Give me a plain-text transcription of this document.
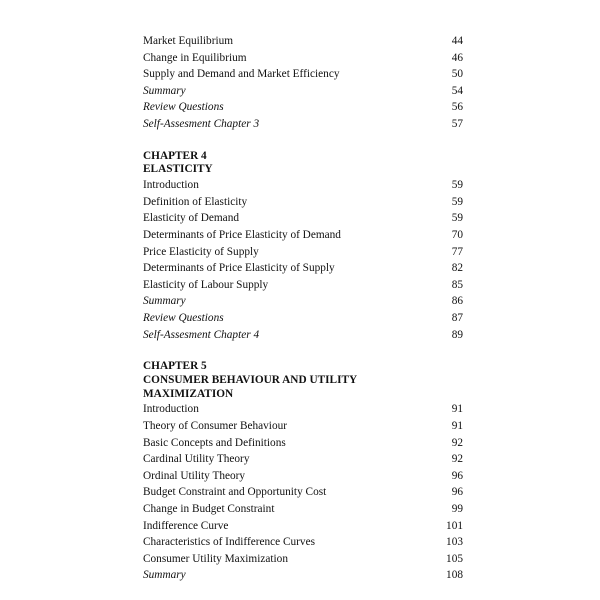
Market Equilibrium	44
Change in Equilibrium	46
Supply and Demand and Market Efficiency	50
Summary	54
Review Questions	56
Self-Assesment Chapter 3	57
CHAPTER 4
ELASTICITY
Introduction	59
Definition of Elasticity	59
Elasticity of Demand	59
Determinants of Price Elasticity of Demand	70
Price Elasticity of Supply	77
Determinants of Price Elasticity of Supply	82
Elasticity of Labour Supply	85
Summary	86
Review Questions	87
Self-Assesment Chapter 4	89
CHAPTER 5
CONSUMER BEHAVIOUR AND UTILITY
MAXIMIZATION
Introduction	91
Theory of Consumer Behaviour	91
Basic Concepts and Definitions	92
Cardinal Utility Theory	92
Ordinal Utility Theory	96
Budget Constraint and Opportunity Cost	96
Change in Budget Constraint	99
Indifference Curve	101
Characteristics of Indifference Curves	103
Consumer Utility Maximization	105
Summary	108
